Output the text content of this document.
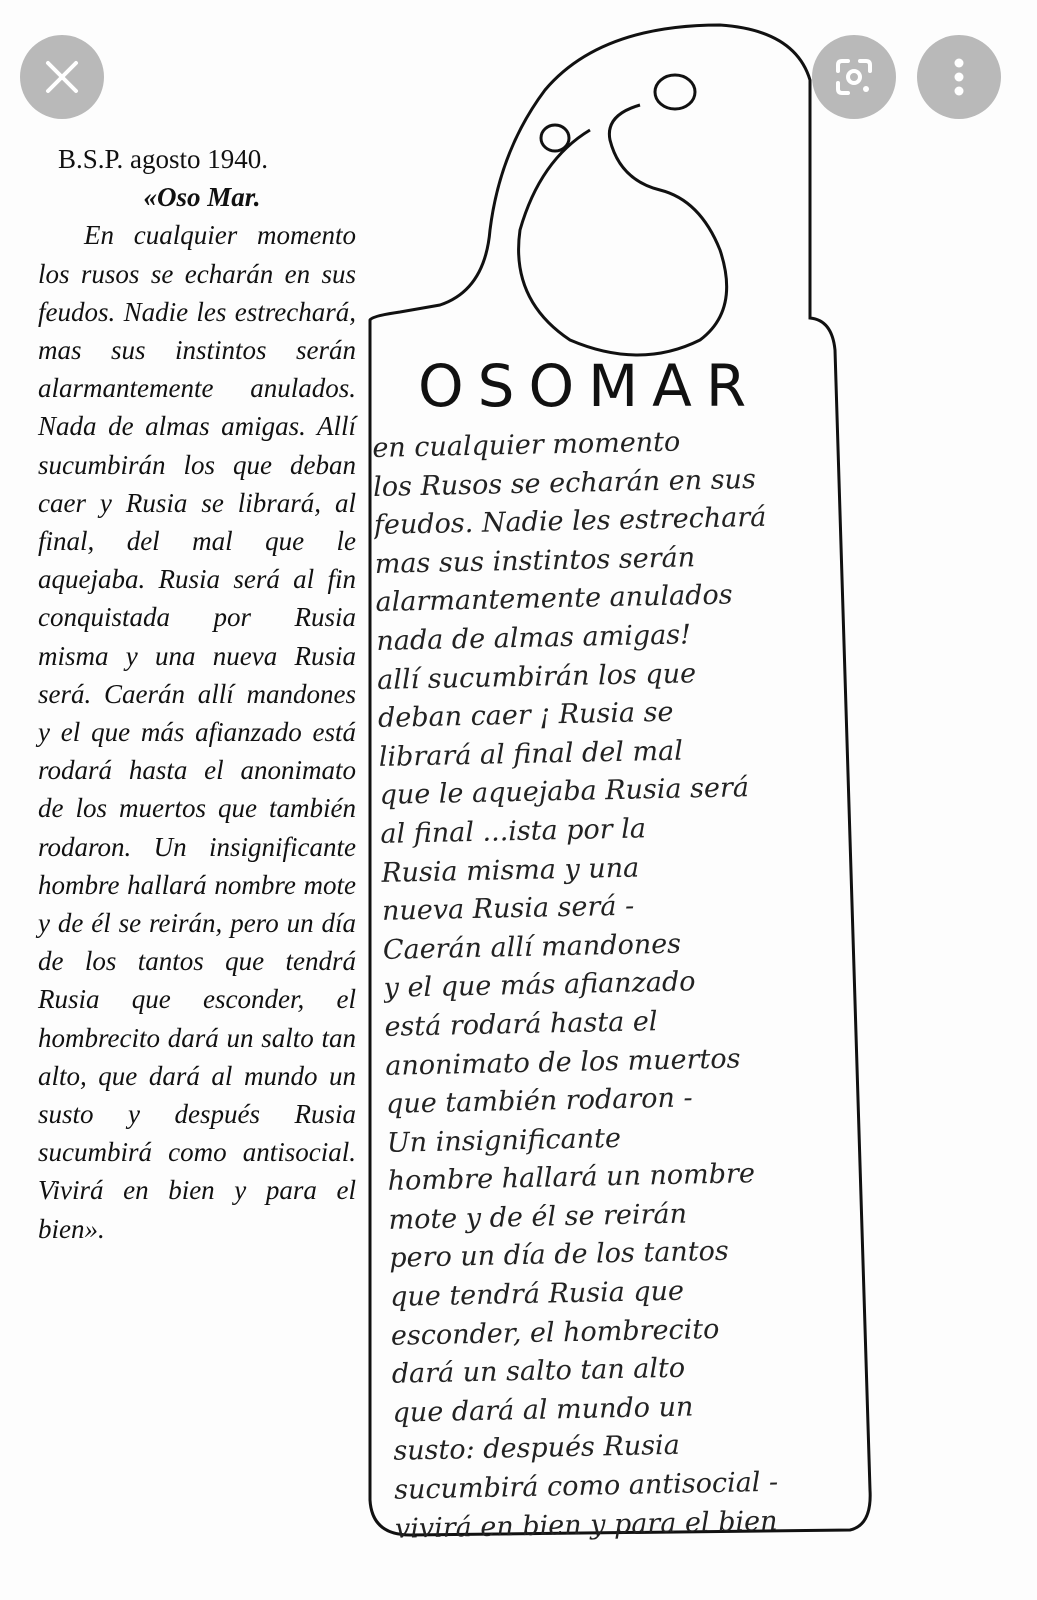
B.S.P. agosto 1940.
«Oso Mar.

En cualquier momento los rusos se echarán en sus feudos. Nadie les estrechará, mas sus instintos serán alarmantemente anulados. Nada de almas amigas. Allí sucumbirán los que deban caer y Rusia se librará, al final, del mal que le aquejaba. Rusia será al fin conquistada por Rusia misma y una nueva Rusia será. Caerán allí mandones y el que más afianzado está rodará hasta el anonimato de los muertos que también rodaron. Un insignificante hombre hallará nombre mote y de él se reirán, pero un día de los tantos que tendrá Rusia que esconder, el hombrecito dará un salto tan alto, que dará al mundo un susto y después Rusia sucumbirá como antisocial. Vivirá en bien y para el bien».

OSOMAR
en cualquier momento
los Rusos se echarán en sus
feudos. Nadie les estrechará
mas sus instintos serán
alarmantemente anulados
nada de almas amigas!
allí sucumbirán los que
deban caer ¡ Rusia se
librará al final del mal
que le aquejaba Rusia será
al final ...ista por la
Rusia misma y una
nueva Rusia será -
Caerán allí mandones
y el que más afianzado
está rodará hasta el
anonimato de los muertos
que también rodaron -
Un insignificante
hombre hallará un nombre
mote y de él se reirán
pero un día de los tantos
que tendrá Rusia que
esconder, el hombrecito
dará un salto tan alto
que dará al mundo un
susto: después Rusia
sucumbirá como antisocial -
vivirá en bien y para el bien
